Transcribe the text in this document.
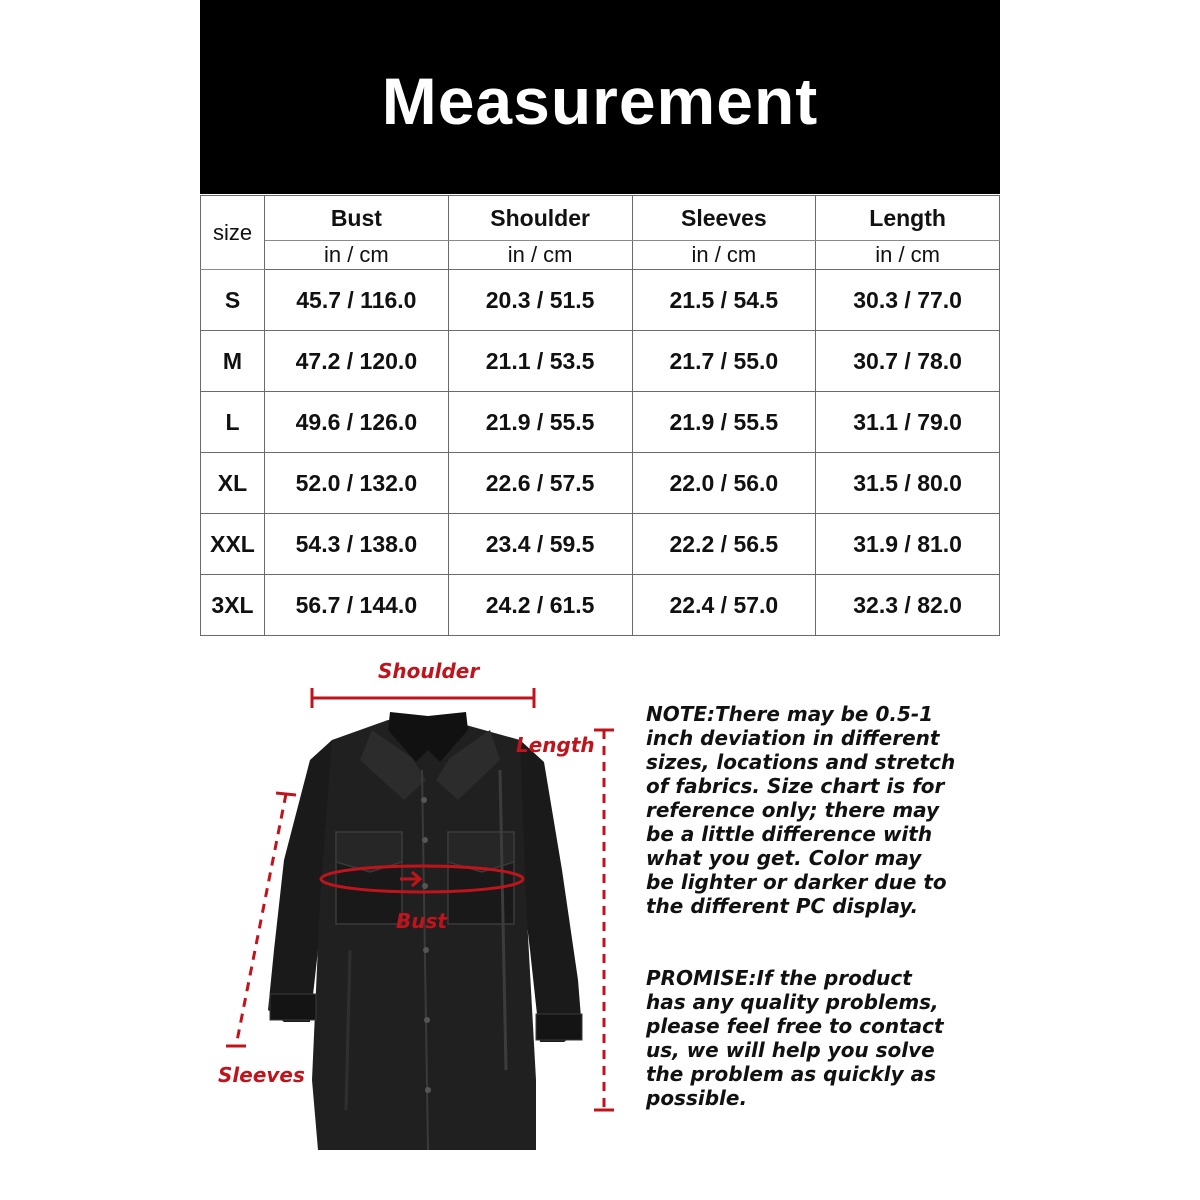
Measurement
size	Bust	Shoulder	Sleeves	Length
	in / cm	in / cm	in / cm	in / cm
S	45.7 / 116.0	20.3 / 51.5	21.5 / 54.5	30.3 / 77.0
M	47.2 / 120.0	21.1 / 53.5	21.7 / 55.0	30.7 / 78.0
L	49.6 / 126.0	21.9 / 55.5	21.9 / 55.5	31.1 / 79.0
XL	52.0 / 132.0	22.6 / 57.5	22.0 / 56.0	31.5 / 80.0
XXL	54.3 / 138.0	23.4 / 59.5	22.2 / 56.5	31.9 / 81.0
3XL	56.7 / 144.0	24.2 / 61.5	22.4 / 57.0	32.3 / 82.0
Shoulder
Length
Sleeves
Bust
NOTE:There may be 0.5-1 inch deviation in different sizes, locations and stretch of fabrics. Size chart is for reference only; there may be a little difference with what you get. Color may be lighter or darker due to the different PC display.
PROMISE:If the product has any quality problems, please feel free to contact us, we will help you solve the problem as quickly as possible.
